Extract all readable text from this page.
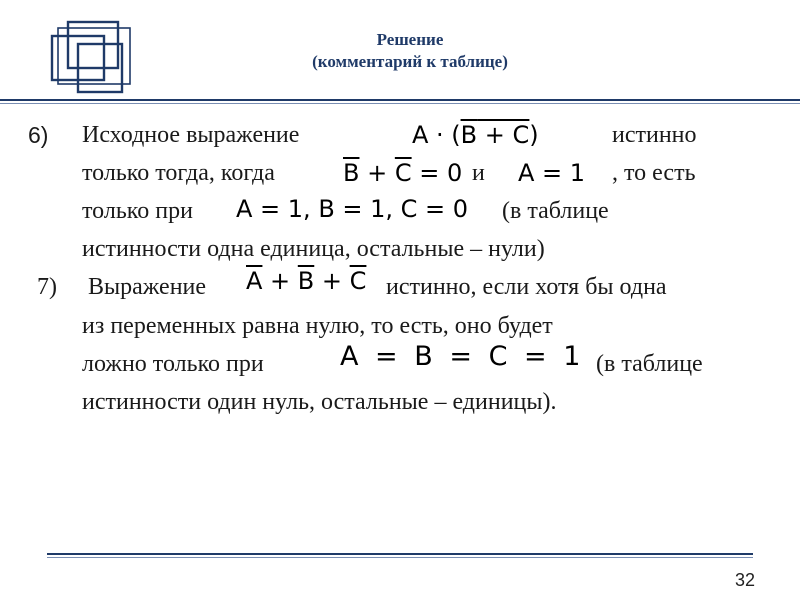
Решение
(комментарий к таблице)
6) Исходное выражение	A · (B + C)	истинно
только тогда, когда	$\overline{B} + \overline{C} = 0$ и A = 1 , то есть
только при A = 1, B = 1, C = 0 (в таблице
истинности одна единица, остальные – нули)
7) Выражение $\overline{A} + \overline{B} + \overline{C}$ истинно, если хотя бы одна
из переменных равна нулю, то есть, оно будет
ложно только при	A = B = C = 1 (в таблице
истинности один нуль, остальные – единицы).
32
